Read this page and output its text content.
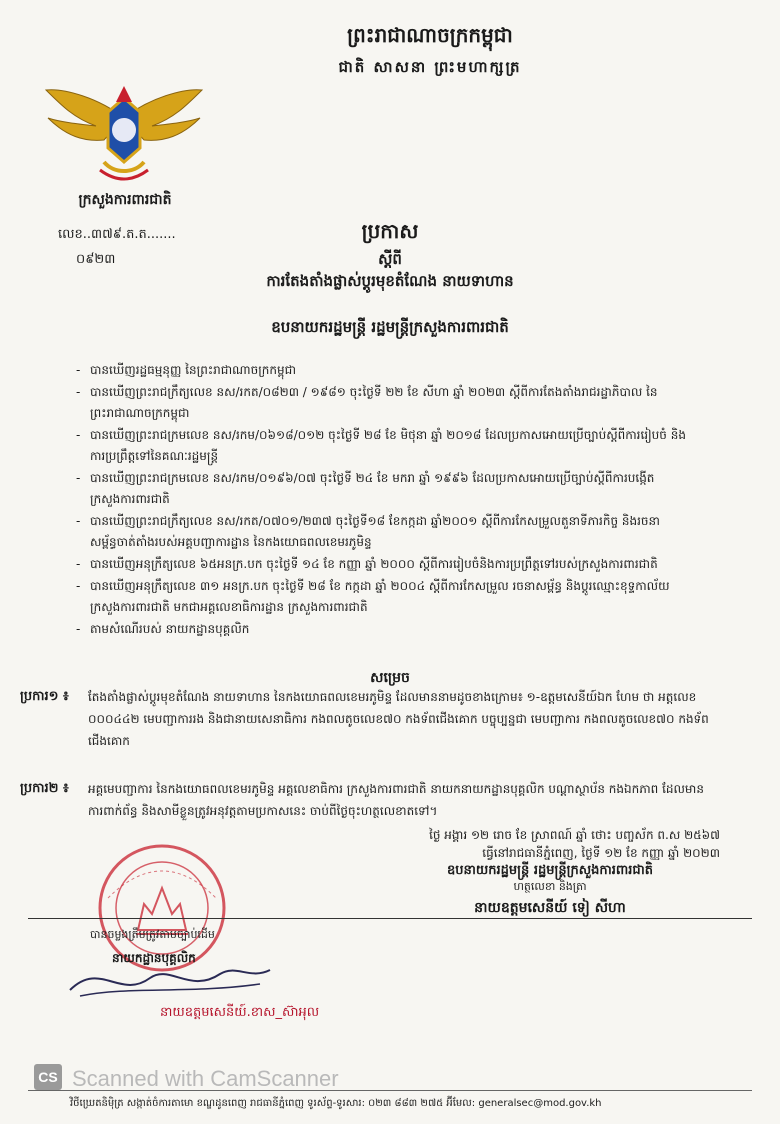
ព្រះរាជាណាចក្រកម្ពុជា
ជាតិ សាសនា ព្រះមហាក្សត្រ
ក្រសួងការពារជាតិ
លេខ..៣៧៩.ត.ត.......
០៩២៣
ប្រកាស
ស្ដីពី
ការតែងតាំងផ្លាស់ប្ដូរមុខតំណែង នាយទាហាន
ឧបនាយករដ្ឋមន្ត្រី រដ្ឋមន្ត្រីក្រសួងការពារជាតិ
- បានឃើញរដ្ឋធម្មនុញ្ញ នៃព្រះរាជាណាចក្រកម្ពុជា
- បានឃើញព្រះរាជក្រឹត្យលេខ នស/រកត/០៨២៣ / ១៩៨១ ចុះថ្ងៃទី ២២ ខែ សីហា ឆ្នាំ ២០២៣ ស្ដីពីការតែងតាំងរាជរដ្ឋាភិបាល នៃព្រះរាជាណាចក្រកម្ពុជា
- បានឃើញព្រះរាជក្រមលេខ នស/រកម/០៦១៨/០១២ ចុះថ្ងៃទី ២៨ ខែ មិថុនា ឆ្នាំ ២០១៨ ដែលប្រកាសអោយប្រើច្បាប់ស្ដីពីការរៀបចំ និងការប្រព្រឹត្តទៅនៃគណៈរដ្ឋមន្ត្រី
- បានឃើញព្រះរាជក្រមលេខ នស/រកម/០១៩៦/០៧ ចុះថ្ងៃទី ២៤ ខែ មករា ឆ្នាំ ១៩៩៦ ដែលប្រកាសអោយប្រើច្បាប់ស្ដីពីការបង្កើត ក្រសួងការពារជាតិ
- បានឃើញព្រះរាជក្រឹត្យលេខ នស/រកត/០៧០១/២៣៧ ចុះថ្ងៃទី១៨ ខែកក្កដា ឆ្នាំ២០០១ ស្ដីពីការកែសម្រួលតួនាទីភារកិច្ច និងរចនាសម្ព័ន្ធចាត់តាំងរបស់អគ្គបញ្ជាការដ្ឋាន នៃកងយោធពលខេមរភូមិន្ទ
- បានឃើញអនុក្រឹត្យលេខ ៦៥អនក្រ.បក ចុះថ្ងៃទី ១៤ ខែ កញ្ញា ឆ្នាំ ២០០០ ស្ដីពីការរៀបចំនិងការប្រព្រឹត្តទៅរបស់ក្រសួងការពារជាតិ
- បានឃើញអនុក្រឹត្យលេខ ៣១ អនក្រ.បក ចុះថ្ងៃទី ២៨ ខែ កក្កដា ឆ្នាំ ២០០៤ ស្ដីពីការកែសម្រួល រចនាសម្ព័ន្ធ និងប្ដូរឈ្មោះខុទ្ទកាល័យ ក្រសួងការពារជាតិ មកជាអគ្គលេខាធិការដ្ឋាន ក្រសួងការពារជាតិ
- តាមសំណើរបស់ នាយកដ្ឋានបុគ្គលិក
សម្រេច
ប្រការ១ ៖ តែងតាំងផ្លាស់ប្ដូរមុខតំណែង នាយទាហាន នៃកងយោធពលខេមរភូមិន្ទ ដែលមាននាមដូចខាងក្រោម៖ ១-ឧត្តមសេនីយ៍ឯក ហែម ថា អត្តលេខ ០០០៤៤២ មេបញ្ជាការរង និងជានាយសេនាធិការ កងពលតូចលេខ៧០ កងទ័ពជើងគោក បច្ចុប្បន្នជា មេបញ្ជាការ កងពលតូចលេខ៧០ កងទ័ពជើងគោក
ប្រការ២ ៖ អគ្គមេបញ្ជាការ នៃកងយោធពលខេមរភូមិន្ទ អគ្គលេខាធិការ ក្រសួងការពារជាតិ នាយកនាយកដ្ឋានបុគ្គលិក បណ្ដាស្ថាប័ន កងឯកភាព ដែលមានការពាក់ព័ន្ធ និងសាមីខ្លួនត្រូវអនុវត្តតាមប្រកាសនេះ ចាប់ពីថ្ងៃចុះហត្ថលេខាតទៅ។
ថ្ងៃ អង្គារ ១២ រោច ខែ ស្រាពណ៍ ឆ្នាំ ថោះ បញ្ចស័ក ព.ស ២៥៦៧
ធ្វើនៅរាជធានីភ្នំពេញ, ថ្ងៃទី ១២ ខែ កញ្ញា ឆ្នាំ ២០២៣
ឧបនាយករដ្ឋមន្ត្រី រដ្ឋមន្ត្រីក្រសួងការពារជាតិ
ហត្ថលេខា និងត្រា
នាយឧត្តមសេនីយ៍ ទៀ សីហា
បានចម្លងត្រឹមត្រូវតាមច្បាប់ដើម
នាយកដ្ឋានបុគ្គលិក
នាយឧត្តមសេនីយ៍.ខាស_ស៊ាអុល
CS Scanned with CamScanner
វិថីឃ្រេតនិម៉ិត្រ សង្កាត់ចំការតាមោ ខណ្ឌដូនពេញ រាជធានីភ្នំពេញ ទូរស័ព្ទ-ទូរសារ: ០២៣ ៨៨៣ ២៧៥ អ៊ីមែល: generalsec@mod.gov.kh
